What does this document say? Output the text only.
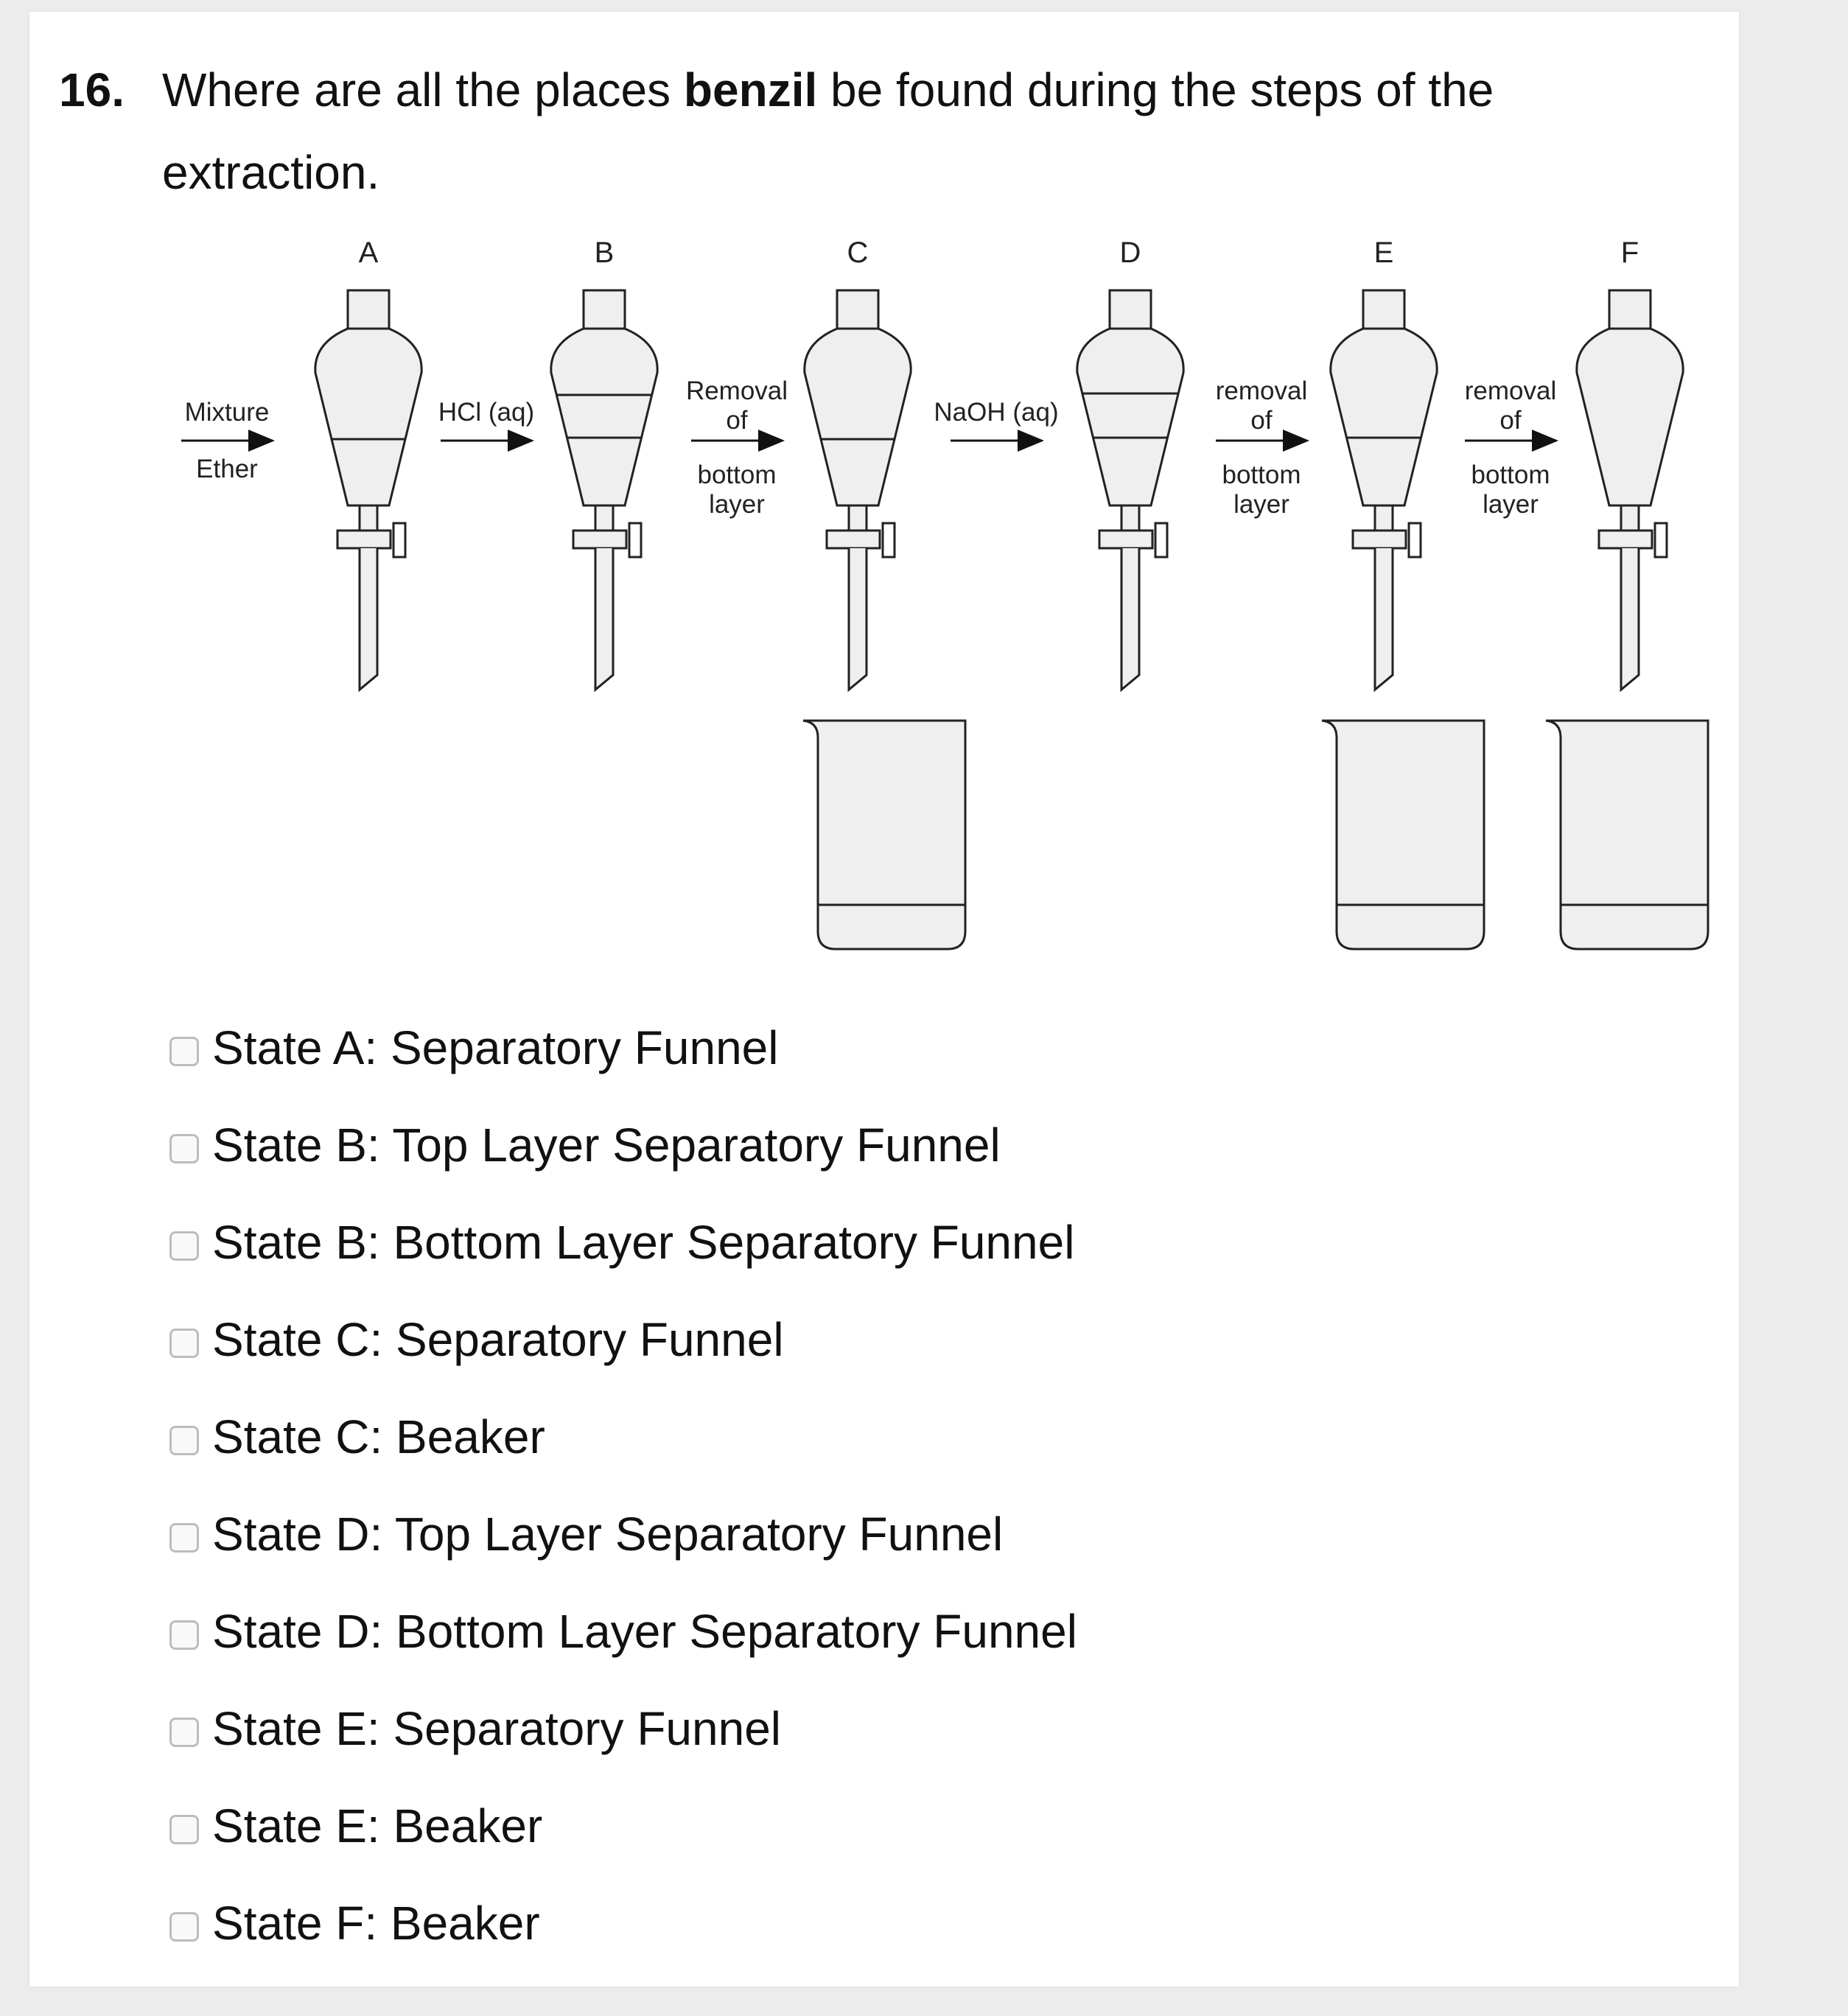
16. Where are all the places benzil be found during the steps of the extraction.
A	B	C	D	E	F
Mixture
Ether
HCl (aq)
Removal
of
bottom
layer
NaOH (aq)
removal
of
bottom
layer
removal
of
bottom
layer
State A: Separatory Funnel
State B: Top Layer Separatory Funnel
State B: Bottom Layer Separatory Funnel
State C: Separatory Funnel
State C: Beaker
State D: Top Layer Separatory Funnel
State D: Bottom Layer Separatory Funnel
State E: Separatory Funnel
State E: Beaker
State F: Beaker
